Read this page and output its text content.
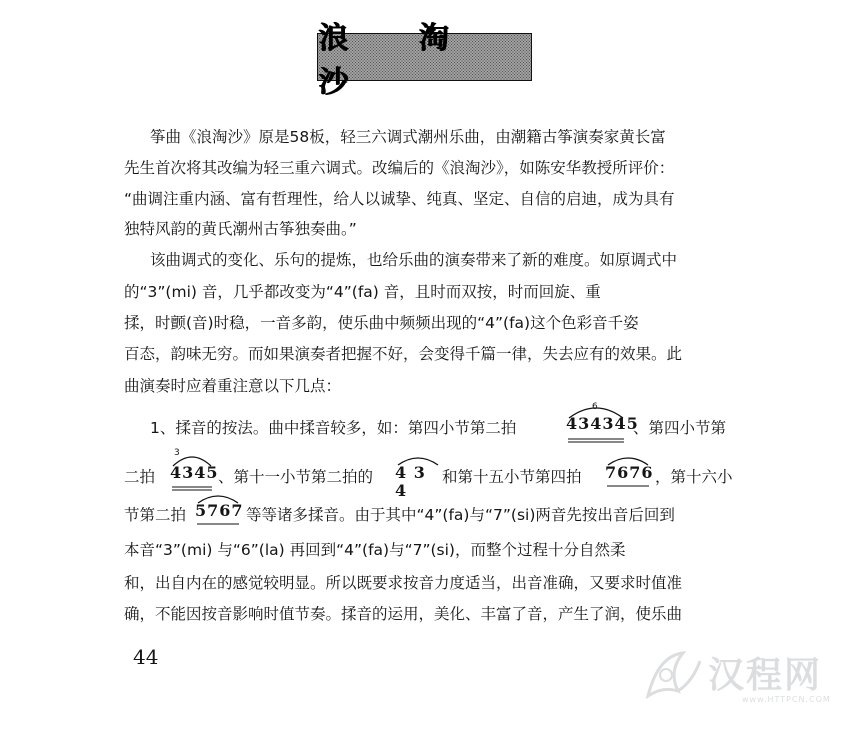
浪 淘 沙
筝曲《浪淘沙》原是58板，轻三六调式潮州乐曲，由潮籍古筝演奏家黄长富
先生首次将其改编为轻三重六调式。改编后的《浪淘沙》，如陈安华教授所评价：
“曲调注重内涵、富有哲理性，给人以诚挚、纯真、坚定、自信的启迪，成为具有
独特风韵的黄氏潮州古筝独奏曲。”
该曲调式的变化、乐句的提炼，也给乐曲的演奏带来了新的难度。如原调式中
的“3”(mi) 音，几乎都改变为“4”(fa) 音，且时而双按，时而回旋、重
揉，时颤(音)时稳，一音多韵，使乐曲中频频出现的“4”(fa)这个色彩音千姿
百态，韵味无穷。而如果演奏者把握不好，会变得千篇一律，失去应有的效果。此
曲演奏时应着重注意以下几点：
1、揉音的按法。曲中揉音较多，如：第四小节第二拍
6
434345
、第四小节第
二拍
3
4345 、第十一小节第二拍的 4 3 4
和第十五小节第四拍 7676 ，第十六小
节第二拍 5767 等等诸多揉音。由于其中“4”(fa)与“7”(si)两音先按出音后回到
本音“3”(mi) 与“6”(la) 再回到“4”(fa)与“7”(si)，而整个过程十分自然柔
和，出自内在的感觉较明显。所以既要求按音力度适当，出音准确，又要求时值准
确，不能因按音影响时值节奏。揉音的运用，美化、丰富了音，产生了润，使乐曲
44	汉程网
www.HTTPCN.COM
